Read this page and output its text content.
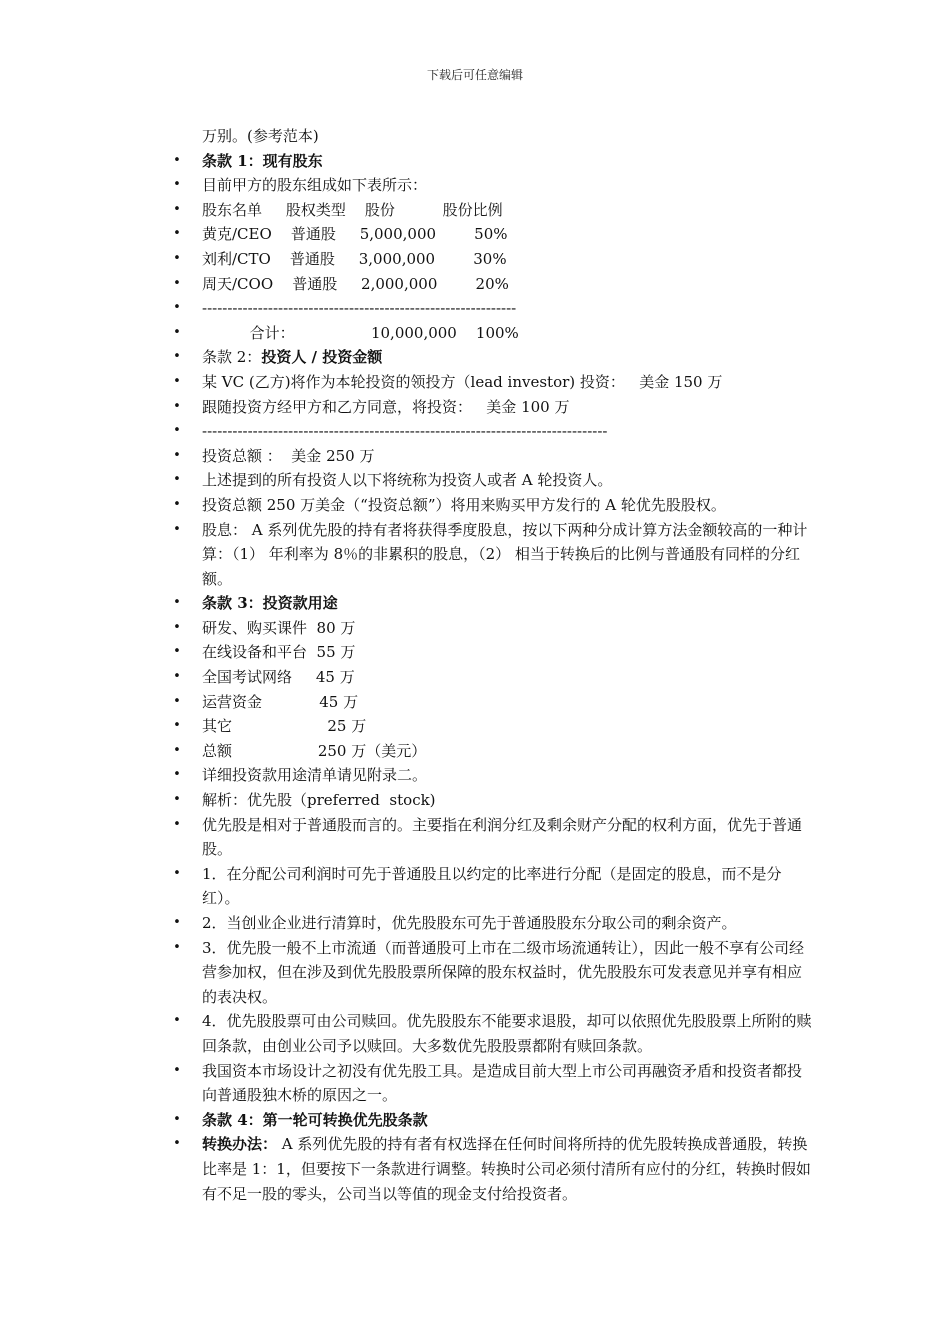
下载后可任意编辑
万别。(参考范本)
• 条款 1：现有股东
• 目前甲方的股东组成如下表所示：
• 股东名单     股权类型    股份          股份比例
• 黄克/CEO    普通股     5,000,000        50%
• 刘利/CTO    普通股     3,000,000        30%
• 周天/COO    普通股     2,000,000        20%
• --------------------------------------------------------------
• 合计：                10,000,000    100%
• 条款 2：投资人 / 投资金额
• 某 VC (乙方)将作为本轮投资的领投方（lead investor) 投资：   美金 150 万
• 跟随投资方经甲方和乙方同意，将投资：   美金 100 万
• --------------------------------------------------------------------------------
• 投资总额 ：  美金 250 万
• 上述提到的所有投资人以下将统称为投资人或者 A 轮投资人。
• 投资总额 250 万美金（“投资总额”）将用来购买甲方发行的 A 轮优先股股权。
• 股息： A 系列优先股的持有者将获得季度股息，按以下两种分成计算方法金额较高的一种计算：（1） 年利率为 8％的非累积的股息，（2） 相当于转换后的比例与普通股有同样的分红额。
• 条款 3：投资款用途
• 研发、购买课件  80 万
• 在线设备和平台  55 万
• 全国考试网络     45 万
• 运营资金            45 万
• 其它                    25 万
• 总额                  250 万（美元）
• 详细投资款用途清单请见附录二。
• 解析：优先股（preferred  stock)
• 优先股是相对于普通股而言的。主要指在利润分红及剩余财产分配的权利方面，优先于普通股。
• 1．在分配公司利润时可先于普通股且以约定的比率进行分配（是固定的股息，而不是分红）。
• 2．当创业企业进行清算时，优先股股东可先于普通股股东分取公司的剩余资产。
• 3．优先股一般不上市流通（而普通股可上市在二级市场流通转让），因此一般不享有公司经营参加权，但在涉及到优先股股票所保障的股东权益时，优先股股东可发表意见并享有相应的表决权。
• 4．优先股股票可由公司赎回。优先股股东不能要求退股，却可以依照优先股股票上所附的赎回条款，由创业公司予以赎回。大多数优先股股票都附有赎回条款。
• 我国资本市场设计之初没有优先股工具。是造成目前大型上市公司再融资矛盾和投资者都投向普通股独木桥的原因之一。
• 条款 4：第一轮可转换优先股条款
• 转换办法： A 系列优先股的持有者有权选择在任何时间将所持的优先股转换成普通股，转换比率是 1：1，但要按下一条款进行调整。转换时公司必须付清所有应付的分红，转换时假如有不足一股的零头，公司当以等值的现金支付给投资者。
